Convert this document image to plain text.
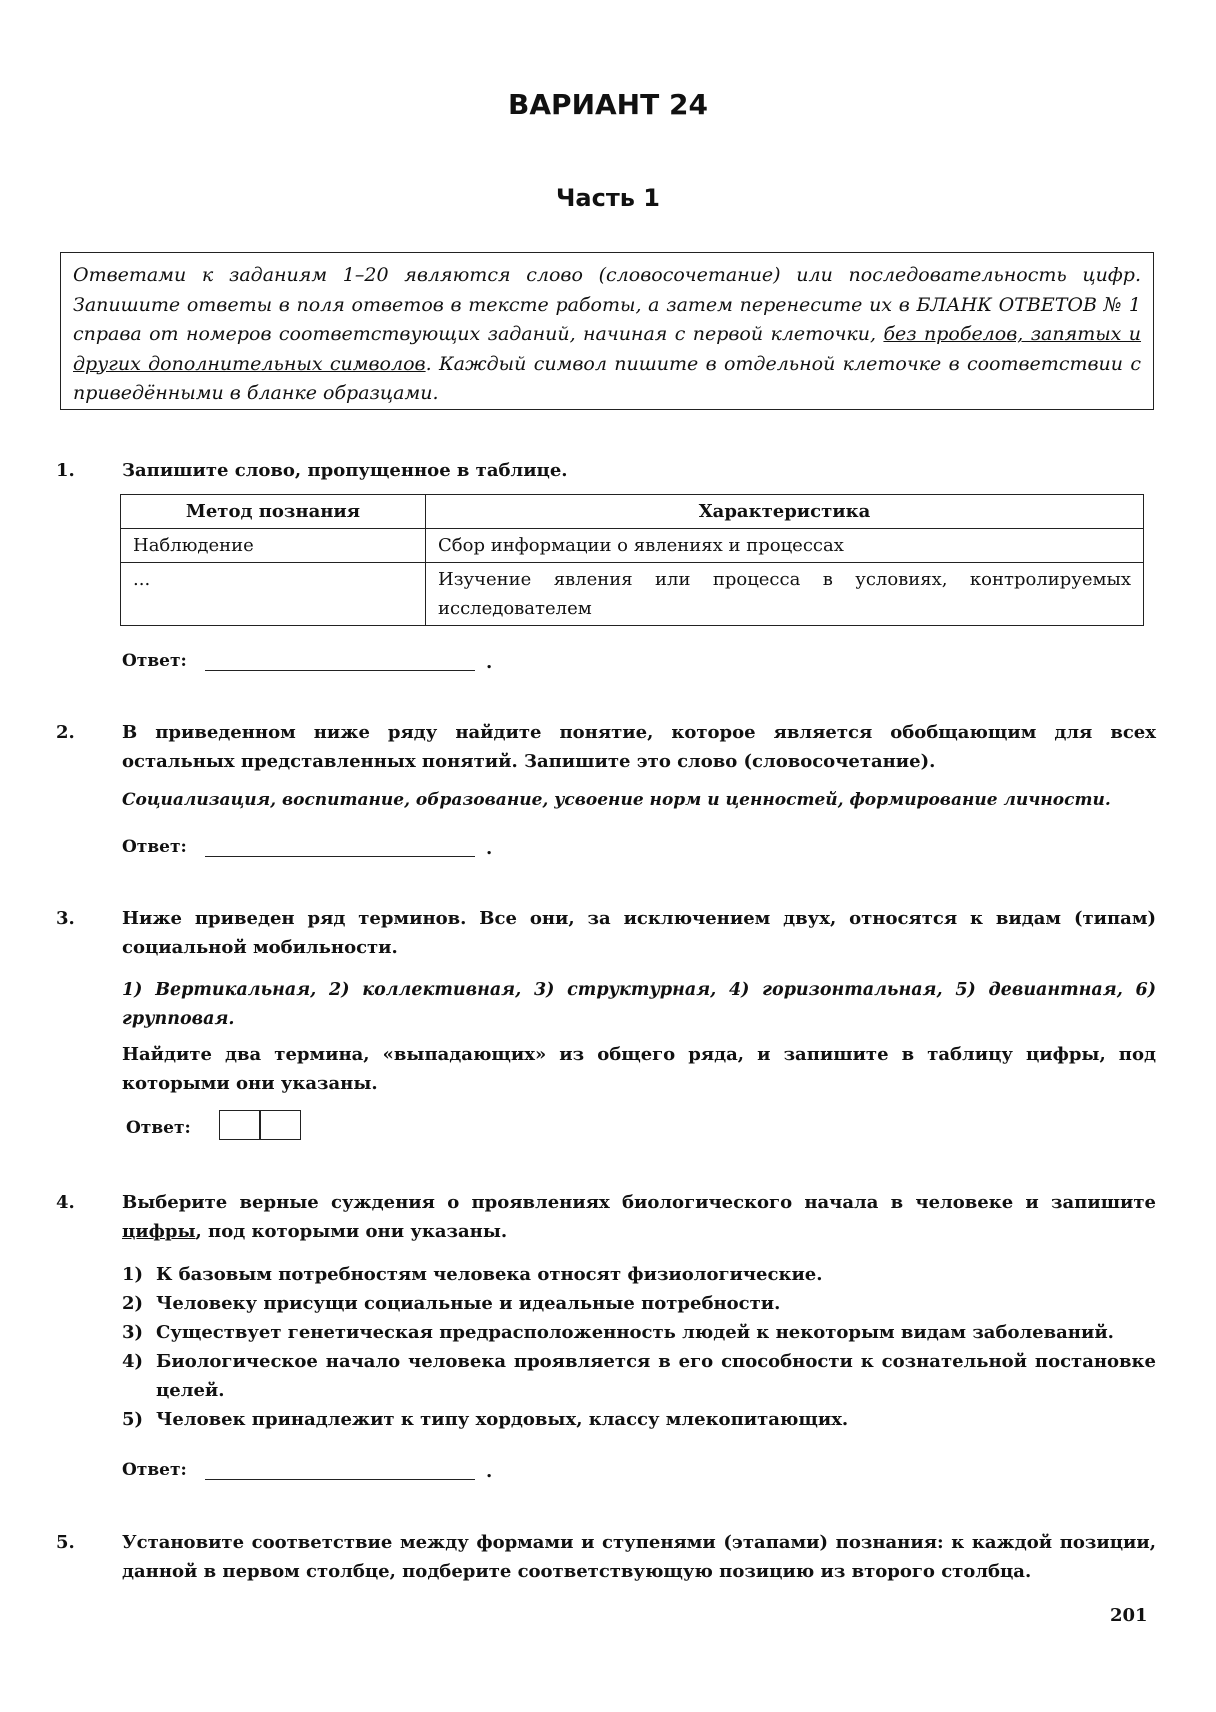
ВАРИАНТ 24
Часть 1
Ответами к заданиям 1–20 являются слово (словосочетание) или последовательность цифр. Запишите ответы в поля ответов в тексте работы, а затем перенесите их в БЛАНК ОТВЕТОВ № 1 справа от номеров соответствующих заданий, начиная с первой клеточки, без пробелов, запятых и других дополнительных символов. Каждый символ пишите в отдельной клеточке в соответствии с приведёнными в бланке образцами.
1.	Запишите слово, пропущенное в таблице.
Метод познания	Характеристика
Наблюдение	Сбор информации о явлениях и процессах
...	Изучение явления или процесса в условиях, контролируемых исследователем
Ответ:	.
2.	В приведенном ниже ряду найдите понятие, которое является обобщающим для всех остальных представленных понятий. Запишите это слово (словосочетание).
Социализация, воспитание, образование, усвоение норм и ценностей, формирование личности.
Ответ:	.
3.	Ниже приведен ряд терминов. Все они, за исключением двух, относятся к видам (типам) социальной мобильности.
1) Вертикальная, 2) коллективная, 3) структурная, 4) горизонтальная, 5) девиантная, 6) групповая.
Найдите два термина, «выпадающих» из общего ряда, и запишите в таблицу цифры, под которыми они указаны.
Ответ:
4.	Выберите верные суждения о проявлениях биологического начала в человеке и запишите цифры, под которыми они указаны.
1) К базовым потребностям человека относят физиологические.
2) Человеку присущи социальные и идеальные потребности.
3) Существует генетическая предрасположенность людей к некоторым видам заболеваний.
4) Биологическое начало человека проявляется в его способности к сознательной постановке целей.
5) Человек принадлежит к типу хордовых, классу млекопитающих.
Ответ:	.
5.	Установите соответствие между формами и ступенями (этапами) познания: к каждой позиции, данной в первом столбце, подберите соответствующую позицию из второго столбца.
201
